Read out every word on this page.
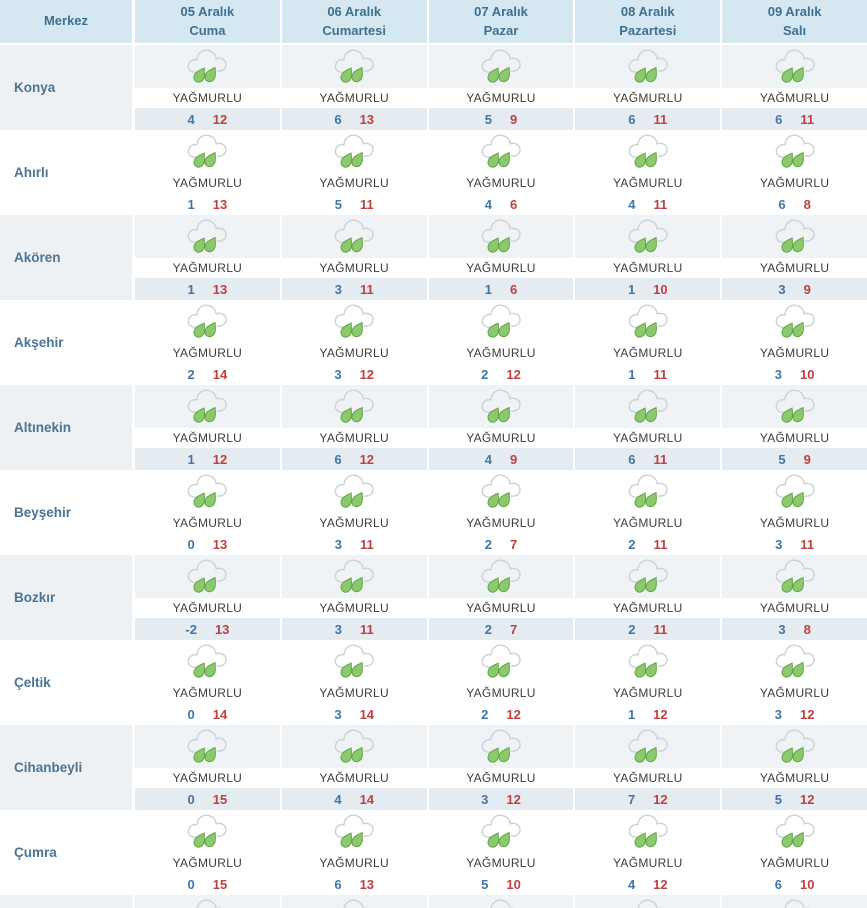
Merkez
05 Aralık
Cuma
06 Aralık
Cumartesi
07 Aralık
Pazar
08 Aralık
Pazartesi
09 Aralık
Salı
Konya
YAĞMURLU
4 12
YAĞMURLU
6 13
YAĞMURLU
5 9
YAĞMURLU
6 11
YAĞMURLU
6 11
Ahırlı
YAĞMURLU
1 13
YAĞMURLU
5 11
YAĞMURLU
4 6
YAĞMURLU
4 11
YAĞMURLU
6 8
Akören
YAĞMURLU
1 13
YAĞMURLU
3 11
YAĞMURLU
1 6
YAĞMURLU
1 10
YAĞMURLU
3 9
Akşehir
YAĞMURLU
2 14
YAĞMURLU
3 12
YAĞMURLU
2 12
YAĞMURLU
1 11
YAĞMURLU
3 10
Altınekin
YAĞMURLU
1 12
YAĞMURLU
6 12
YAĞMURLU
4 9
YAĞMURLU
6 11
YAĞMURLU
5 9
Beyşehir
YAĞMURLU
0 13
YAĞMURLU
3 11
YAĞMURLU
2 7
YAĞMURLU
2 11
YAĞMURLU
3 11
Bozkır
YAĞMURLU
-2 13
YAĞMURLU
3 11
YAĞMURLU
2 7
YAĞMURLU
2 11
YAĞMURLU
3 8
Çeltik
YAĞMURLU
0 14
YAĞMURLU
3 14
YAĞMURLU
2 12
YAĞMURLU
1 12
YAĞMURLU
3 12
Cihanbeyli
YAĞMURLU
0 15
YAĞMURLU
4 14
YAĞMURLU
3 12
YAĞMURLU
7 12
YAĞMURLU
5 12
Çumra
YAĞMURLU
0 15
YAĞMURLU
6 13
YAĞMURLU
5 10
YAĞMURLU
4 12
YAĞMURLU
6 10
